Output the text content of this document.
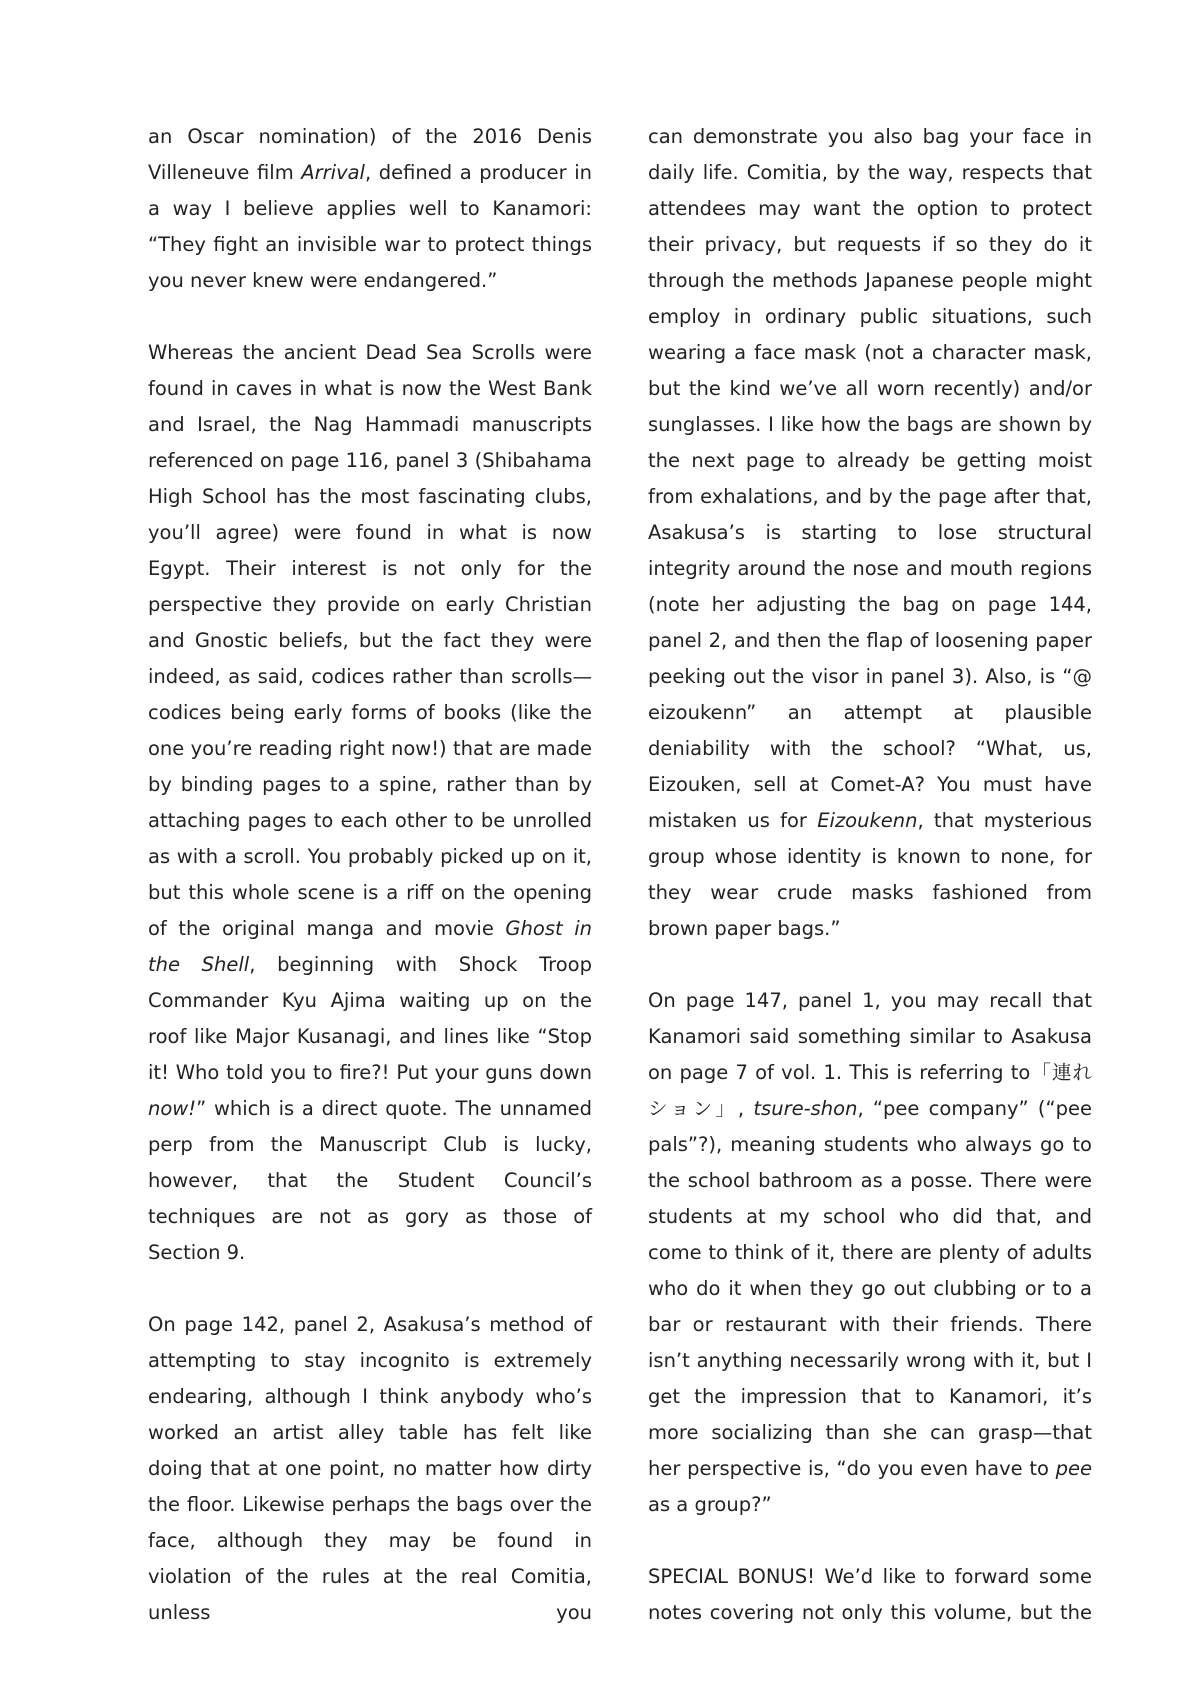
an Oscar nomination) of the 2016 Denis Villeneuve film Arrival, defined a producer in a way I believe applies well to Kanamori: “They fight an invisible war to protect things you never knew were endangered.”

Whereas the ancient Dead Sea Scrolls were found in caves in what is now the West Bank and Israel, the Nag Hammadi manuscripts referenced on page 116, panel 3 (Shibahama High School has the most fascinating clubs, you’ll agree) were found in what is now Egypt. Their interest is not only for the perspective they provide on early Christian and Gnostic beliefs, but the fact they were indeed, as said, codices rather than scrolls—codices being early forms of books (like the one you’re reading right now!) that are made by binding pages to a spine, rather than by attaching pages to each other to be unrolled as with a scroll. You probably picked up on it, but this whole scene is a riff on the opening of the original manga and movie Ghost in the Shell, beginning with Shock Troop Commander Kyu Ajima waiting up on the roof like Major Kusanagi, and lines like “Stop it! Who told you to fire?! Put your guns down now!” which is a direct quote. The unnamed perp from the Manuscript Club is lucky, however, that the Student Council’s techniques are not as gory as those of Section 9.

On page 142, panel 2, Asakusa’s method of attempting to stay incognito is extremely endearing, although I think anybody who’s worked an artist alley table has felt like doing that at one point, no matter how dirty the floor. Likewise perhaps the bags over the face, although they may be found in violation of the rules at the real Comitia, unless you

can demonstrate you also bag your face in daily life. Comitia, by the way, respects that attendees may want the option to protect their privacy, but requests if so they do it through the methods Japanese people might employ in ordinary public situations, such wearing a face mask (not a character mask, but the kind we’ve all worn recently) and/or sunglasses. I like how the bags are shown by the next page to already be getting moist from exhalations, and by the page after that, Asakusa’s is starting to lose structural integrity around the nose and mouth regions (note her adjusting the bag on page 144, panel 2, and then the flap of loosening paper peeking out the visor in panel 3). Also, is “@ eizoukenn” an attempt at plausible deniability with the school? “What, us, Eizouken, sell at Comet-A? You must have mistaken us for Eizoukenn, that mysterious group whose identity is known to none, for they wear crude masks fashioned from brown paper bags.”

On page 147, panel 1, you may recall that Kanamori said something similar to Asakusa on page 7 of vol. 1. This is referring to「連れション」, tsure-shon, “pee company” (“pee pals”?), meaning students who always go to the school bathroom as a posse. There were students at my school who did that, and come to think of it, there are plenty of adults who do it when they go out clubbing or to a bar or restaurant with their friends. There isn’t anything necessarily wrong with it, but I get the impression that to Kanamori, it’s more socializing than she can grasp—that her perspective is, “do you even have to pee as a group?”

SPECIAL BONUS! We’d like to forward some notes covering not only this volume, but the
